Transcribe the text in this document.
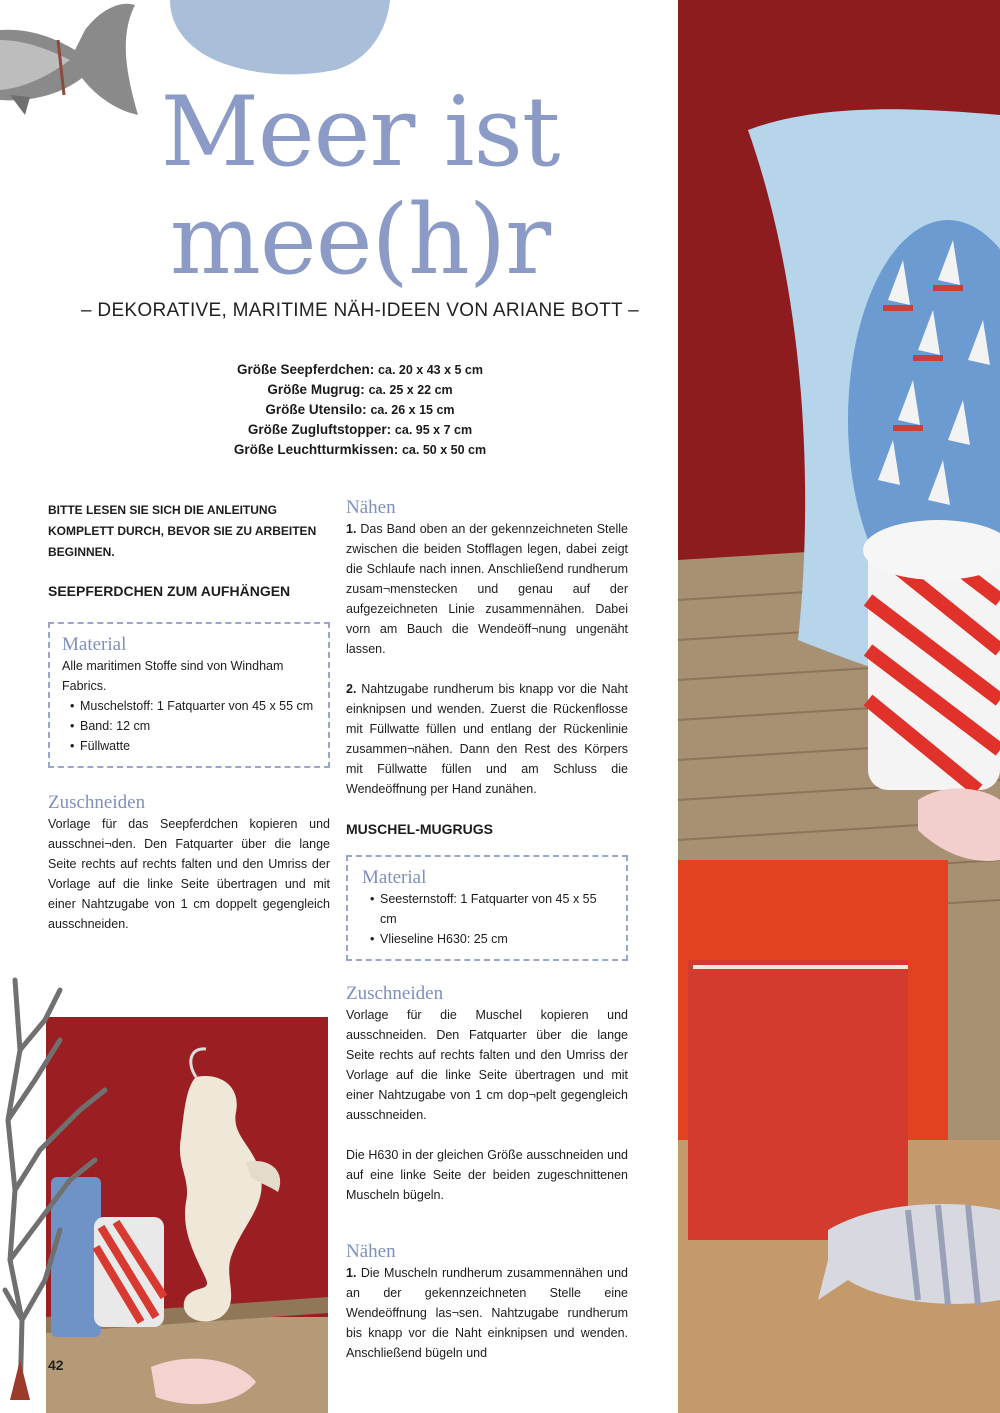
Meer ist
mee(h)r
– DEKORATIVE, MARITIME NÄH-IDEEN VON ARIANE BOTT –
Größe Seepferdchen: ca. 20 x 43 x 5 cm
Größe Mugrug: ca. 25 x 22 cm
Größe Utensilo: ca. 26 x 15 cm
Größe Zugluftstopper: ca. 95 x 7 cm
Größe Leuchtturmkissen: ca. 50 x 50 cm

BITTE LESEN SIE SICH DIE ANLEITUNG KOMPLETT DURCH, BEVOR SIE ZU ARBEITEN BEGINNEN.

SEEPFERDCHEN ZUM AUFHÄNGEN

Material

Alle maritimen Stoffe sind von Windham Fabrics.

• Muschelstoff: 1 Fatquarter von 45 x 55 cm
• Band: 12 cm
• Füllwatte
Zuschneiden

Vorlage für das Seepferdchen kopieren und ausschnei¬den. Den Fatquarter über die lange Seite rechts auf rechts falten und den Umriss der Vorlage auf die linke Seite übertragen und mit einer Nahtzugabe von 1 cm doppelt gegengleich ausschneiden.

Nähen

1. Das Band oben an der gekennzeichneten Stelle zwischen die beiden Stofflagen legen, dabei zeigt die Schlaufe nach innen. Anschließend rundherum zusam¬menstecken und genau auf der aufgezeichneten Linie zusammennähen. Dabei vorn am Bauch die Wendeöff¬nung ungenäht lassen.

2. Nahtzugabe rundherum bis knapp vor die Naht einknipsen und wenden. Zuerst die Rückenflosse mit Füllwatte füllen und entlang der Rückenlinie zusammen¬nähen. Dann den Rest des Körpers mit Füllwatte füllen und am Schluss die Wendeöffnung per Hand zunähen.

MUSCHEL-MUGRUGS

Material
• Seesternstoff: 1 Fatquarter von 45 x 55 cm
• Vlieseline H630: 25 cm
Zuschneiden

Vorlage für die Muschel kopieren und ausschneiden. Den Fatquarter über die lange Seite rechts auf rechts falten und den Umriss der Vorlage auf die linke Seite übertragen und mit einer Nahtzugabe von 1 cm dop¬pelt gegengleich ausschneiden.

Die H630 in der gleichen Größe ausschneiden und auf eine linke Seite der beiden zugeschnittenen Muscheln bügeln.

Nähen

1. Die Muscheln rundherum zusammennähen und an der gekennzeichneten Stelle eine Wendeöffnung las¬sen. Nahtzugabe rundherum bis knapp vor die Naht einknipsen und wenden. Anschließend bügeln und

42
